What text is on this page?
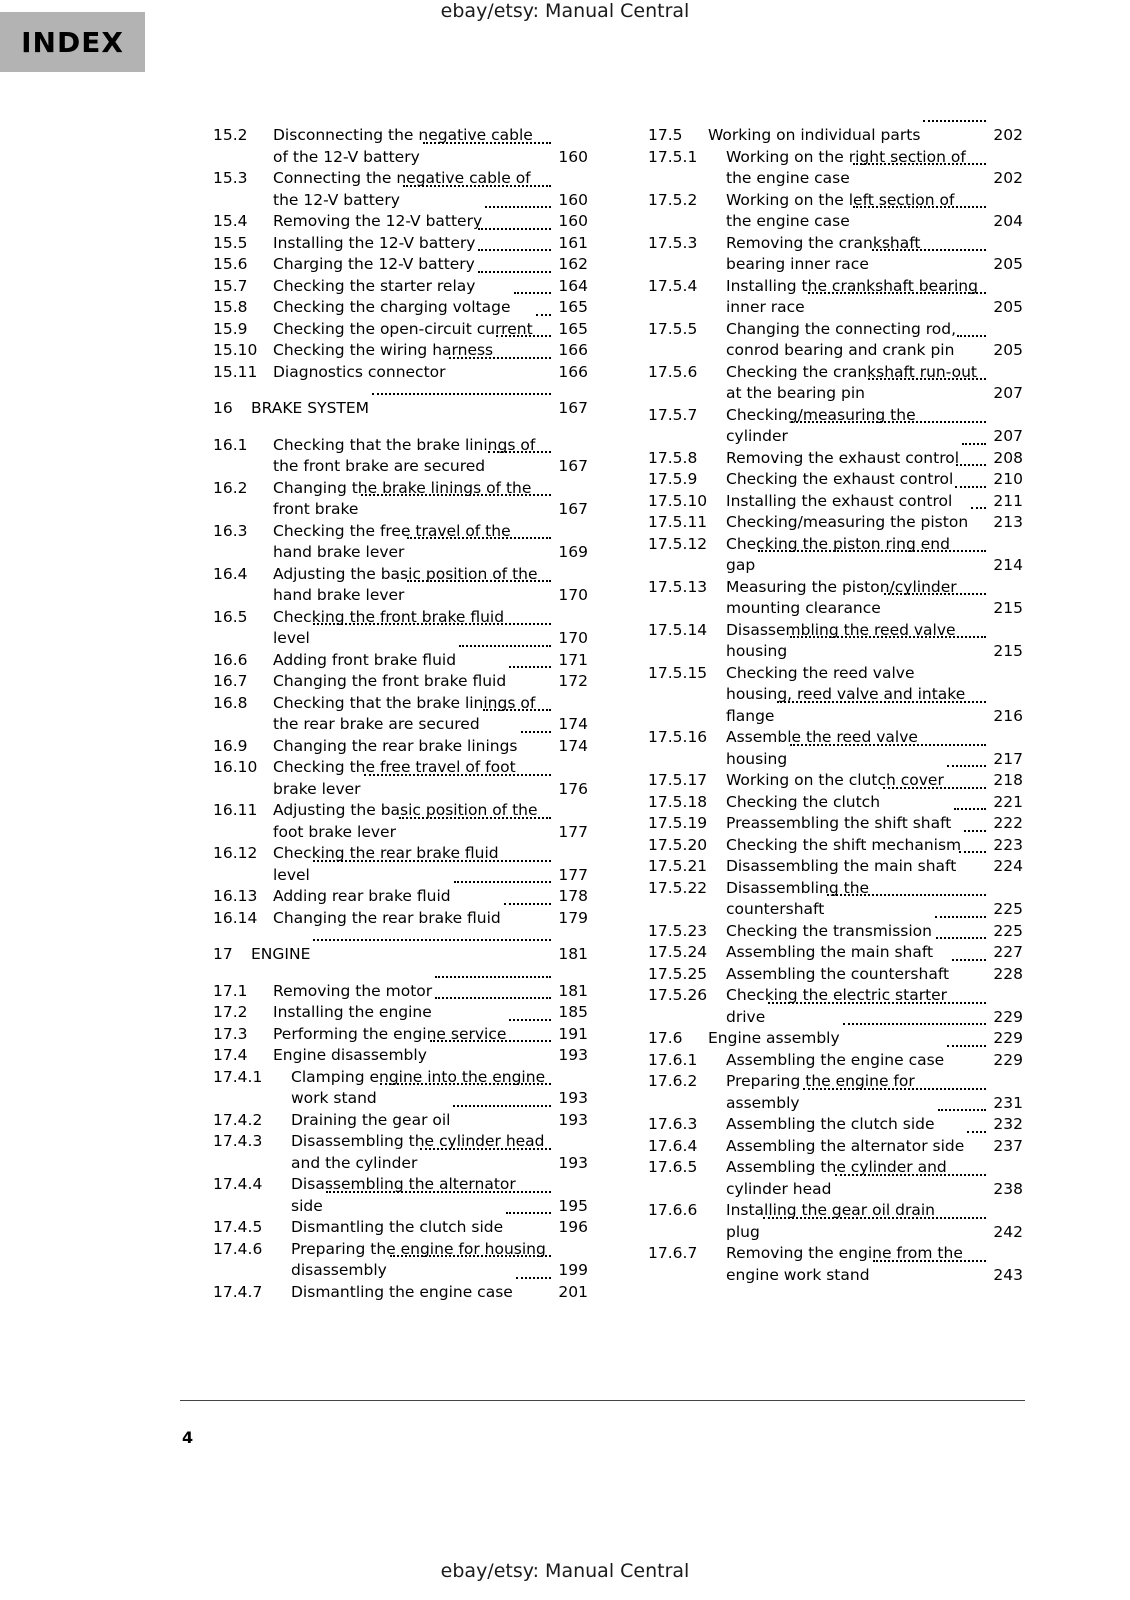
ebay/etsy: Manual Central
INDEX
15.2	Disconnecting the negative cable
of the 12-V battery	160
15.3	Connecting the negative cable of
the 12-V battery	160
15.4	Removing the 12-V battery	160
15.5	Installing the 12-V battery	161
15.6	Charging the 12-V battery	162
15.7	Checking the starter relay	164
15.8	Checking the charging voltage	165
15.9	Checking the open-circuit current 165
15.10	Checking the wiring harness	166
15.11	Diagnostics connector	166
16	BRAKE SYSTEM	167
16.1	Checking that the brake linings of
the front brake are secured	167
16.2	Changing the brake linings of the
front brake	167
16.3	Checking the free travel of the
hand brake lever	169
16.4	Adjusting the basic position of the
hand brake lever	170
16.5	Checking the front brake fluid
level	170
16.6	Adding front brake fluid	171
16.7	Changing the front brake fluid	172
16.8	Checking that the brake linings of
the rear brake are secured	174
16.9	Changing the rear brake linings	174
16.10	Checking the free travel of foot
brake lever	176
16.11	Adjusting the basic position of the
foot brake lever	177
16.12	Checking the rear brake fluid
level	177
16.13	Adding rear brake fluid	178
16.14	Changing the rear brake fluid	179
17	ENGINE	181
17.1	Removing the motor	181
17.2	Installing the engine	185
17.3	Performing the engine service	191
17.4	Engine disassembly	193
17.4.1	Clamping engine into the engine
work stand	193
17.4.2	Draining the gear oil	193
17.4.3	Disassembling the cylinder head
and the cylinder	193
17.4.4	Disassembling the alternator
side	195
17.4.5	Dismantling the clutch side	196
17.4.6	Preparing the engine for housing
disassembly	199
17.4.7	Dismantling the engine case	201
17.5	Working on individual parts	202
17.5.1	Working on the right section of
the engine case	202
17.5.2	Working on the left section of
the engine case	204
17.5.3	Removing the crankshaft
bearing inner race	205
17.5.4	Installing the crankshaft bearing
inner race	205
17.5.5	Changing the connecting rod,
conrod bearing and crank pin	205
17.5.6	Checking the crankshaft run-out
at the bearing pin	207
17.5.7	Checking/measuring the
cylinder	207
17.5.8	Removing the exhaust control 208
17.5.9	Checking the exhaust control	210
17.5.10	Installing the exhaust control	211
17.5.11	Checking/measuring the piston 213
17.5.12	Checking the piston ring end
gap	214
17.5.13	Measuring the piston/cylinder
mounting clearance	215
17.5.14	Disassembling the reed valve
housing	215
17.5.15	Checking the reed valve
housing, reed valve and intake
flange	216
17.5.16	Assemble the reed valve
housing	217
17.5.17	Working on the clutch cover	218
17.5.18	Checking the clutch	221
17.5.19	Preassembling the shift shaft	222
17.5.20	Checking the shift mechanism 223
17.5.21	Disassembling the main shaft 224
17.5.22	Disassembling the
countershaft	225
17.5.23	Checking the transmission	225
17.5.24	Assembling the main shaft	227
17.5.25	Assembling the countershaft	228
17.5.26	Checking the electric starter
drive	229
17.6	Engine assembly	229
17.6.1	Assembling the engine case	229
17.6.2	Preparing the engine for
assembly	231
17.6.3	Assembling the clutch side	232
17.6.4	Assembling the alternator side 237
17.6.5	Assembling the cylinder and
cylinder head	238
17.6.6	Installing the gear oil drain
plug	242
17.6.7	Removing the engine from the
engine work stand	243
4
ebay/etsy: Manual Central
